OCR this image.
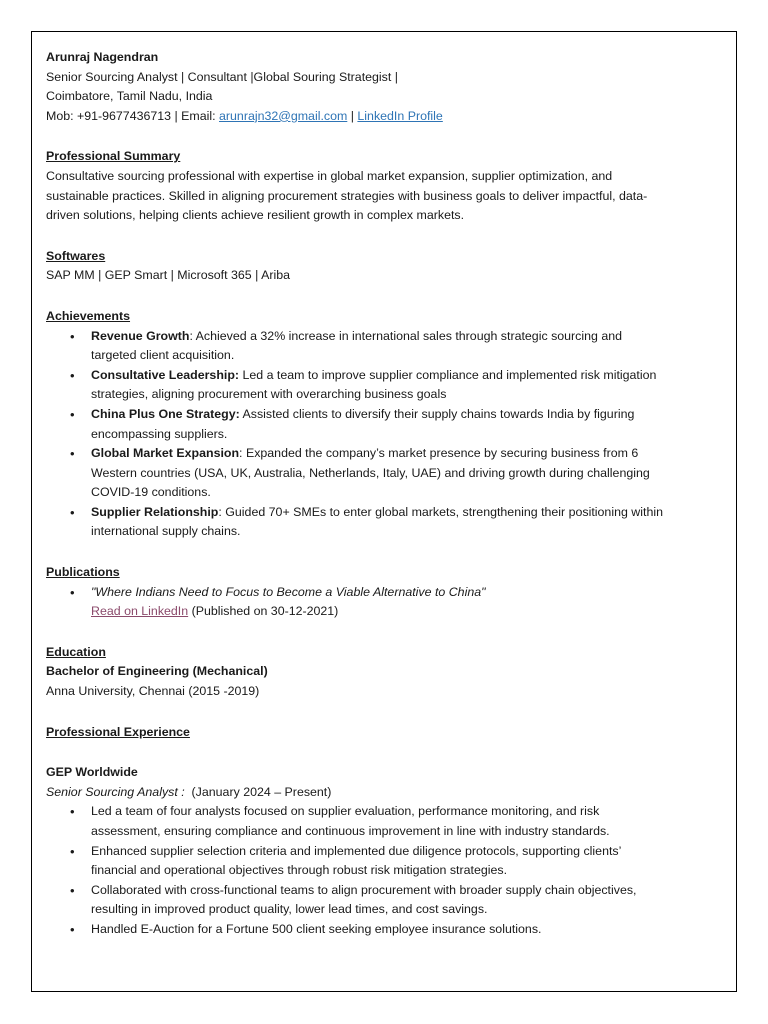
Arunraj Nagendran
Senior Sourcing Analyst | Consultant |Global Souring Strategist |
Coimbatore, Tamil Nadu, India
Mob: +91-9677436713 | Email: arunrajn32@gmail.com | LinkedIn Profile
Professional Summary
Consultative sourcing professional with expertise in global market expansion, supplier optimization, and
sustainable practices. Skilled in aligning procurement strategies with business goals to deliver impactful, data-
driven solutions, helping clients achieve resilient growth in complex markets.
Softwares
SAP MM | GEP Smart | Microsoft 365 | Ariba
Achievements
• Revenue Growth: Achieved a 32% increase in international sales through strategic sourcing and
targeted client acquisition.
• Consultative Leadership: Led a team to improve supplier compliance and implemented risk mitigation
strategies, aligning procurement with overarching business goals
• China Plus One Strategy: Assisted clients to diversify their supply chains towards India by figuring
encompassing suppliers.
• Global Market Expansion: Expanded the company’s market presence by securing business from 6
Western countries (USA, UK, Australia, Netherlands, Italy, UAE) and driving growth during challenging
COVID-19 conditions.
• Supplier Relationship: Guided 70+ SMEs to enter global markets, strengthening their positioning within
international supply chains.
Publications
• "Where Indians Need to Focus to Become a Viable Alternative to China"
Read on LinkedIn (Published on 30-12-2021)
Education
Bachelor of Engineering (Mechanical)
Anna University, Chennai (2015 -2019)
Professional Experience
GEP Worldwide
Senior Sourcing Analyst :  (January 2024 – Present)
• Led a team of four analysts focused on supplier evaluation, performance monitoring, and risk
assessment, ensuring compliance and continuous improvement in line with industry standards.
• Enhanced supplier selection criteria and implemented due diligence protocols, supporting clients’
financial and operational objectives through robust risk mitigation strategies.
• Collaborated with cross-functional teams to align procurement with broader supply chain objectives,
resulting in improved product quality, lower lead times, and cost savings.
• Handled E-Auction for a Fortune 500 client seeking employee insurance solutions.
